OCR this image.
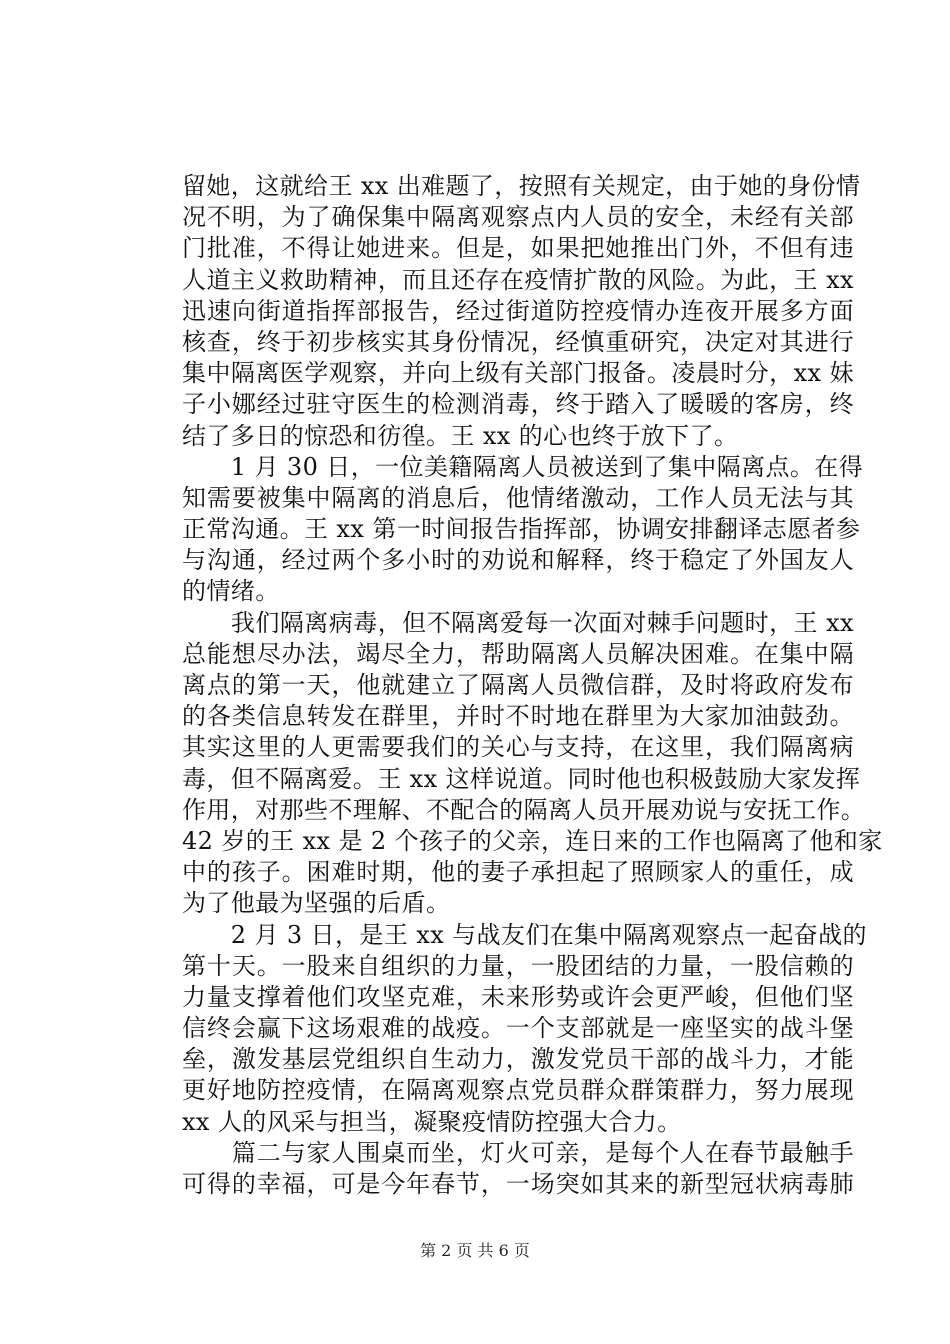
留她，这就给王 xx 出难题了，按照有关规定，由于她的身份情
况不明，为了确保集中隔离观察点内人员的安全，未经有关部
门批准，不得让她进来。但是，如果把她推出门外，不但有违
人道主义救助精神，而且还存在疫情扩散的风险。为此，王 xx
迅速向街道指挥部报告，经过街道防控疫情办连夜开展多方面
核查，终于初步核实其身份情况，经慎重研究，决定对其进行
集中隔离医学观察，并向上级有关部门报备。凌晨时分，xx 妹
子小娜经过驻守医生的检测消毒，终于踏入了暖暖的客房，终
结了多日的惊恐和彷徨。王 xx 的心也终于放下了。
　　1 月 30 日，一位美籍隔离人员被送到了集中隔离点。在得
知需要被集中隔离的消息后，他情绪激动，工作人员无法与其
正常沟通。王 xx 第一时间报告指挥部，协调安排翻译志愿者参
与沟通，经过两个多小时的劝说和解释，终于稳定了外国友人
的情绪。
　　我们隔离病毒，但不隔离爱每一次面对棘手问题时，王 xx
总能想尽办法，竭尽全力，帮助隔离人员解决困难。在集中隔
离点的第一天，他就建立了隔离人员微信群，及时将政府发布
的各类信息转发在群里，并时不时地在群里为大家加油鼓劲。
其实这里的人更需要我们的关心与支持，在这里，我们隔离病
毒，但不隔离爱。王 xx 这样说道。同时他也积极鼓励大家发挥
作用，对那些不理解、不配合的隔离人员开展劝说与安抚工作。
42 岁的王 xx 是 2 个孩子的父亲，连日来的工作也隔离了他和家
中的孩子。困难时期，他的妻子承担起了照顾家人的重任，成
为了他最为坚强的后盾。
　　2 月 3 日，是王 xx 与战友们在集中隔离观察点一起奋战的
第十天。一股来自组织的力量，一股团结的力量，一股信赖的
力量支撑着他们攻坚克难，未来形势或许会更严峻，但他们坚
信终会赢下这场艰难的战疫。一个支部就是一座坚实的战斗堡
垒，激发基层党组织自生动力，激发党员干部的战斗力，才能
更好地防控疫情，在隔离观察点党员群众群策群力，努力展现
xx 人的风采与担当，凝聚疫情防控强大合力。
　　篇二与家人围桌而坐，灯火可亲，是每个人在春节最触手
可得的幸福，可是今年春节，一场突如其来的新型冠状病毒肺
第 2 页 共 6 页
